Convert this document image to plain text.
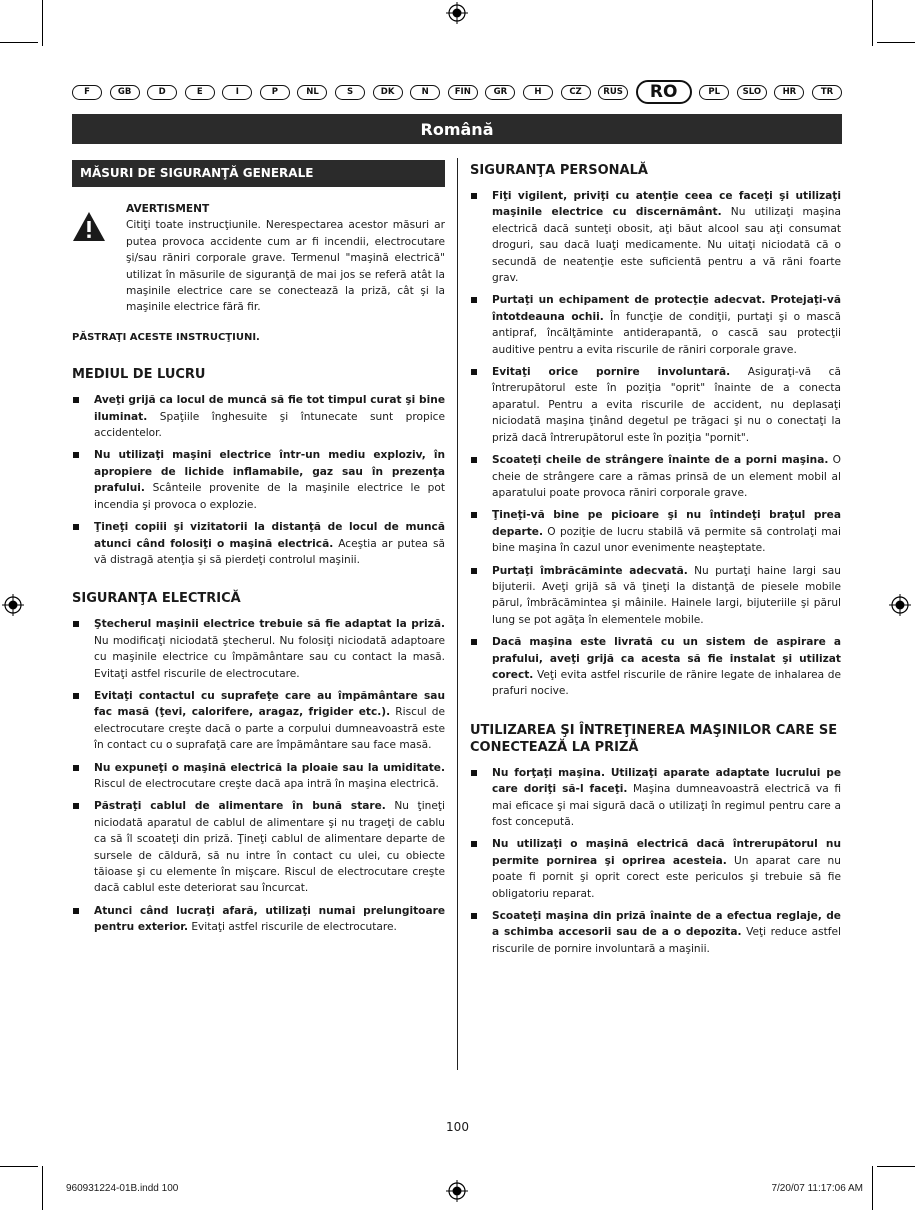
F	GB	D	E	I	P	NL	S	DK	N	FIN	GR	H	CZ	RUS	RO	PL	SLO	HR	TR
Română
MĂSURI DE SIGURANŢĂ GENERALE
AVERTISMENT

Citiţi toate instrucţiunile. Nerespectarea acestor măsuri ar putea provoca accidente cum ar fi incendii, electrocutare şi/sau răniri corporale grave. Termenul "maşină electrică" utilizat în măsurile de siguranţă de mai jos se referă atât la maşinile electrice care se conectează la priză, cât şi la maşinile electrice fără fir.

PĂSTRAŢI ACESTE INSTRUCŢIUNI.
MEDIUL DE LUCRU
Aveţi grijă ca locul de muncă să fie tot timpul curat şi bine iluminat. Spaţiile înghesuite şi întunecate sunt propice accidentelor.
Nu utilizaţi maşini electrice într-un mediu exploziv, în apropiere de lichide inflamabile, gaz sau în prezenţa prafului. Scânteile provenite de la maşinile electrice le pot incendia şi provoca o explozie.
Ţineţi copiii şi vizitatorii la distanţă de locul de muncă atunci când folosiţi o maşină electrică. Aceştia ar putea să vă distragă atenţia şi să pierdeţi controlul maşinii.
SIGURANŢA ELECTRICĂ
Ştecherul maşinii electrice trebuie să fie adaptat la priză. Nu modificaţi niciodată ştecherul. Nu folosiţi niciodată adaptoare cu maşinile electrice cu împământare sau cu contact la masă. Evitaţi astfel riscurile de electrocutare.
Evitaţi contactul cu suprafeţe care au împământare sau fac masă (ţevi, calorifere, aragaz, frigider etc.). Riscul de electrocutare creşte dacă o parte a corpului dumneavoastră este în contact cu o suprafaţă care are împământare sau face masă.
Nu expuneţi o maşină electrică la ploaie sau la umiditate. Riscul de electrocutare creşte dacă apa intră în maşina electrică.
Păstraţi cablul de alimentare în bună stare. Nu ţineţi niciodată aparatul de cablul de alimentare şi nu trageţi de cablu ca să îl scoateţi din priză. Ţineţi cablul de alimentare departe de sursele de căldură, să nu intre în contact cu ulei, cu obiecte tăioase şi cu elemente în mişcare. Riscul de electrocutare creşte dacă cablul este deteriorat sau încurcat.
Atunci când lucraţi afară, utilizaţi numai prelungitoare pentru exterior. Evitaţi astfel riscurile de electrocutare.
SIGURANŢA PERSONALĂ
Fiţi vigilent, priviţi cu atenţie ceea ce faceţi şi utilizaţi maşinile electrice cu discernământ. Nu utilizaţi maşina electrică dacă sunteţi obosit, aţi băut alcool sau aţi consumat droguri, sau dacă luaţi medicamente. Nu uitaţi niciodată că o secundă de neatenţie este suficientă pentru a vă răni foarte grav.
Purtaţi un echipament de protecţie adecvat. Protejaţi-vă întotdeauna ochii. În funcţie de condiţii, purtaţi şi o mască antipraf, încălţăminte antiderapantă, o cască sau protecţii auditive pentru a evita riscurile de răniri corporale grave.
Evitaţi orice pornire involuntară. Asiguraţi-vă că întrerupătorul este în poziţia "oprit" înainte de a conecta aparatul. Pentru a evita riscurile de accident, nu deplasaţi niciodată maşina ţinând degetul pe trăgaci şi nu o conectaţi la priză dacă întrerupătorul este în poziţia "pornit".
Scoateţi cheile de strângere înainte de a porni maşina. O cheie de strângere care a rămas prinsă de un element mobil al aparatului poate provoca răniri corporale grave.
Ţineţi-vă bine pe picioare şi nu întindeţi braţul prea departe. O poziţie de lucru stabilă vă permite să controlaţi mai bine maşina în cazul unor evenimente neaşteptate.
Purtaţi îmbrăcăminte adecvată. Nu purtaţi haine largi sau bijuterii. Aveţi grijă să vă ţineţi la distanţă de piesele mobile părul, îmbrăcămintea şi mâinile. Hainele largi, bijuteriile şi părul lung se pot agăţa în elementele mobile.
Dacă maşina este livrată cu un sistem de aspirare a prafului, aveţi grijă ca acesta să fie instalat şi utilizat corect. Veţi evita astfel riscurile de rănire legate de inhalarea de prafuri nocive.
UTILIZAREA ŞI ÎNTREŢINEREA MAŞINILOR CARE SE CONECTEAZĂ LA PRIZĂ
Nu forţaţi maşina. Utilizaţi aparate adaptate lucrului pe care doriţi să-l faceţi. Maşina dumneavoastră electrică va fi mai eficace şi mai sigură dacă o utilizaţi în regimul pentru care a fost concepută.
Nu utilizaţi o maşină electrică dacă întrerupătorul nu permite pornirea şi oprirea acesteia. Un aparat care nu poate fi pornit şi oprit corect este periculos şi trebuie să fie obligatoriu reparat.
Scoateţi maşina din priză înainte de a efectua reglaje, de a schimba accesorii sau de a o depozita. Veţi reduce astfel riscurile de pornire involuntară a maşinii.
100
960931224-01B.indd 100	7/20/07 11:17:06 AM
